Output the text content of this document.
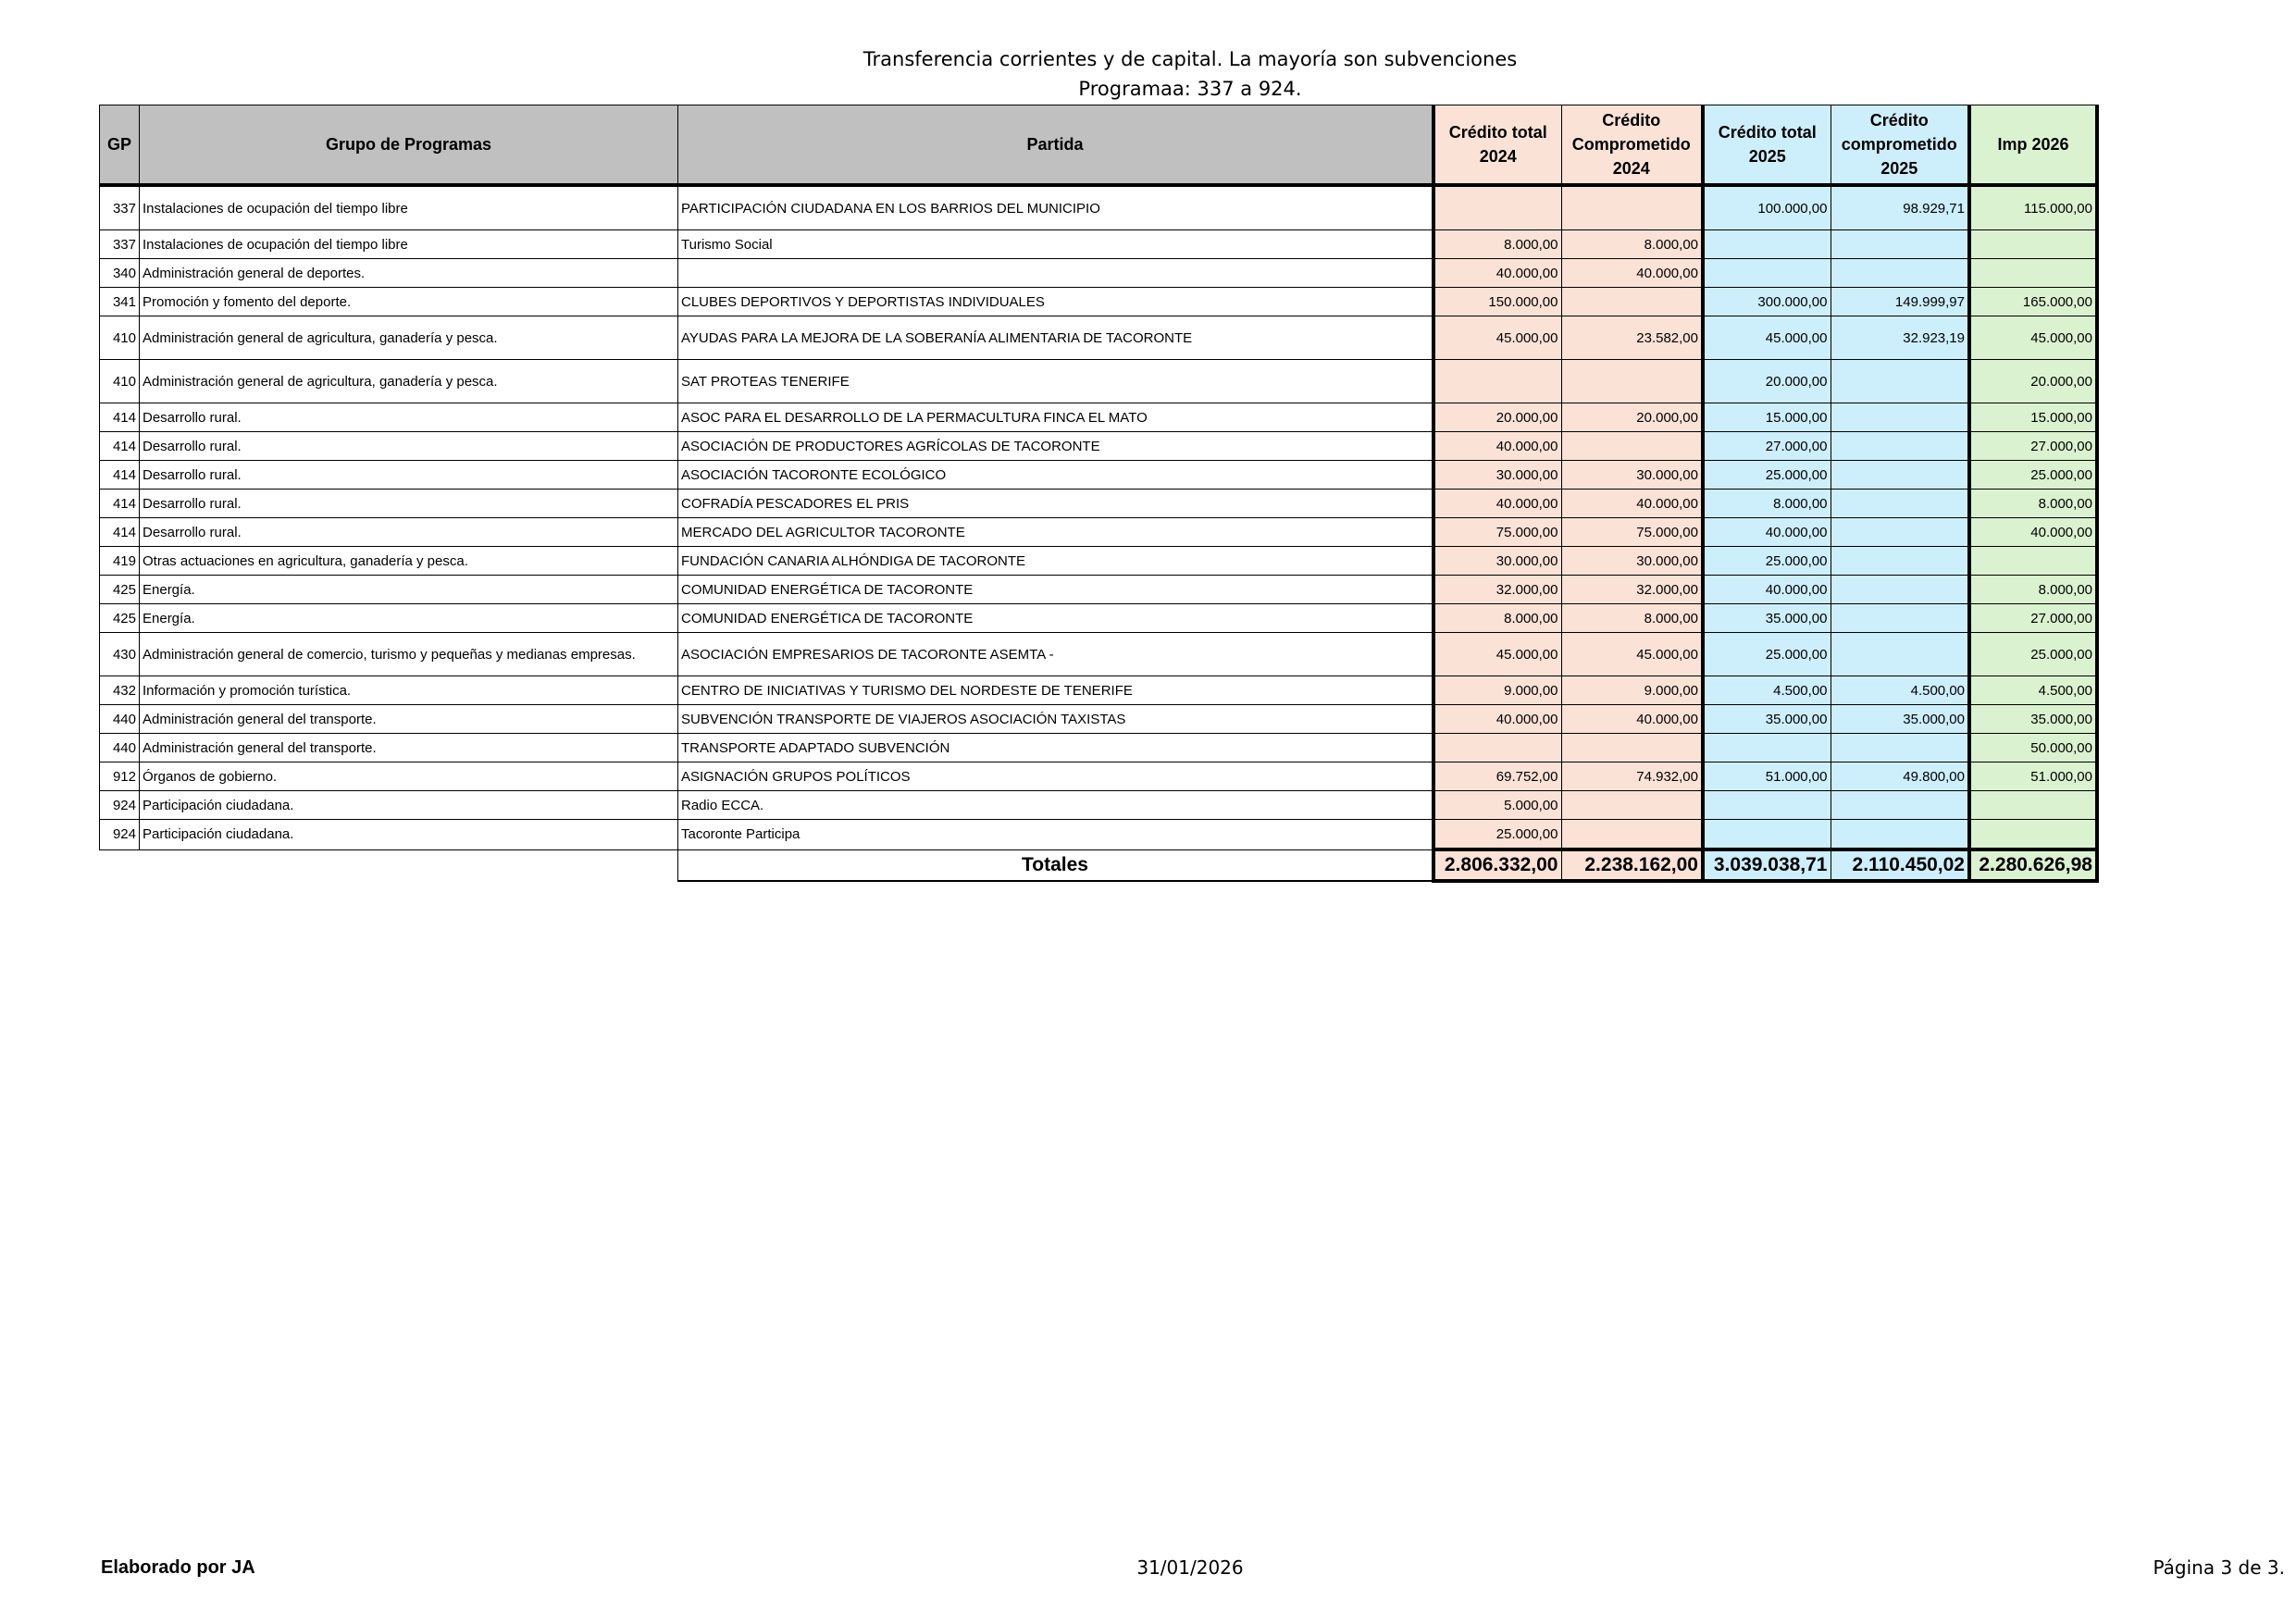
Transferencia corrientes y de capital. La mayoría son subvenciones
Programaa: 337 a 924.
GP	Grupo de Programas	Partida	Crédito total 2024	Crédito Comprometido 2024	Crédito total 2025	Crédito comprometido 2025	Imp 2026
337	Instalaciones de ocupación del tiempo libre	PARTICIPACIÓN CIUDADANA EN LOS BARRIOS DEL MUNICIPIO			100.000,00	98.929,71	115.000,00
337	Instalaciones de ocupación del tiempo libre	Turismo Social	8.000,00	8.000,00			
340	Administración general de deportes.		40.000,00	40.000,00			
341	Promoción y fomento del deporte.	CLUBES DEPORTIVOS Y DEPORTISTAS INDIVIDUALES	150.000,00		300.000,00	149.999,97	165.000,00
410	Administración general de agricultura, ganadería y pesca.	AYUDAS PARA LA MEJORA DE LA SOBERANÍA ALIMENTARIA DE TACORONTE	45.000,00	23.582,00	45.000,00	32.923,19	45.000,00
410	Administración general de agricultura, ganadería y pesca.	SAT PROTEAS TENERIFE			20.000,00		20.000,00
414	Desarrollo rural.	ASOC PARA EL DESARROLLO DE LA PERMACULTURA FINCA EL MATO	20.000,00	20.000,00	15.000,00		15.000,00
414	Desarrollo rural.	ASOCIACIÓN DE PRODUCTORES AGRÍCOLAS DE TACORONTE	40.000,00		27.000,00		27.000,00
414	Desarrollo rural.	ASOCIACIÓN TACORONTE ECOLÓGICO	30.000,00	30.000,00	25.000,00		25.000,00
414	Desarrollo rural.	COFRADÍA PESCADORES EL PRIS	40.000,00	40.000,00	8.000,00		8.000,00
414	Desarrollo rural.	MERCADO DEL AGRICULTOR TACORONTE	75.000,00	75.000,00	40.000,00		40.000,00
419	Otras actuaciones en agricultura, ganadería y pesca.	FUNDACIÓN CANARIA ALHÓNDIGA DE TACORONTE	30.000,00	30.000,00	25.000,00		
425	Energía.	COMUNIDAD ENERGÉTICA DE TACORONTE	32.000,00	32.000,00	40.000,00		8.000,00
425	Energía.	COMUNIDAD ENERGÉTICA DE TACORONTE	8.000,00	8.000,00	35.000,00		27.000,00
430	Administración general de comercio, turismo y pequeñas y medianas empresas.	ASOCIACIÓN EMPRESARIOS DE TACORONTE ASEMTA -	45.000,00	45.000,00	25.000,00		25.000,00
432	Información y promoción turística.	CENTRO DE INICIATIVAS Y TURISMO DEL NORDESTE DE TENERIFE	9.000,00	9.000,00	4.500,00	4.500,00	4.500,00
440	Administración general del transporte.	SUBVENCIÓN TRANSPORTE DE VIAJEROS ASOCIACIÓN TAXISTAS	40.000,00	40.000,00	35.000,00	35.000,00	35.000,00
440	Administración general del transporte.	TRANSPORTE ADAPTADO SUBVENCIÓN					50.000,00
912	Órganos de gobierno.	ASIGNACIÓN GRUPOS POLÍTICOS	69.752,00	74.932,00	51.000,00	49.800,00	51.000,00
924	Participación ciudadana.	Radio ECCA.	5.000,00				
924	Participación ciudadana.	Tacoronte Participa	25.000,00				
		Totales	2.806.332,00	2.238.162,00	3.039.038,71	2.110.450,02	2.280.626,98
Elaborado por JA	31/01/2026	Página 3 de 3.
